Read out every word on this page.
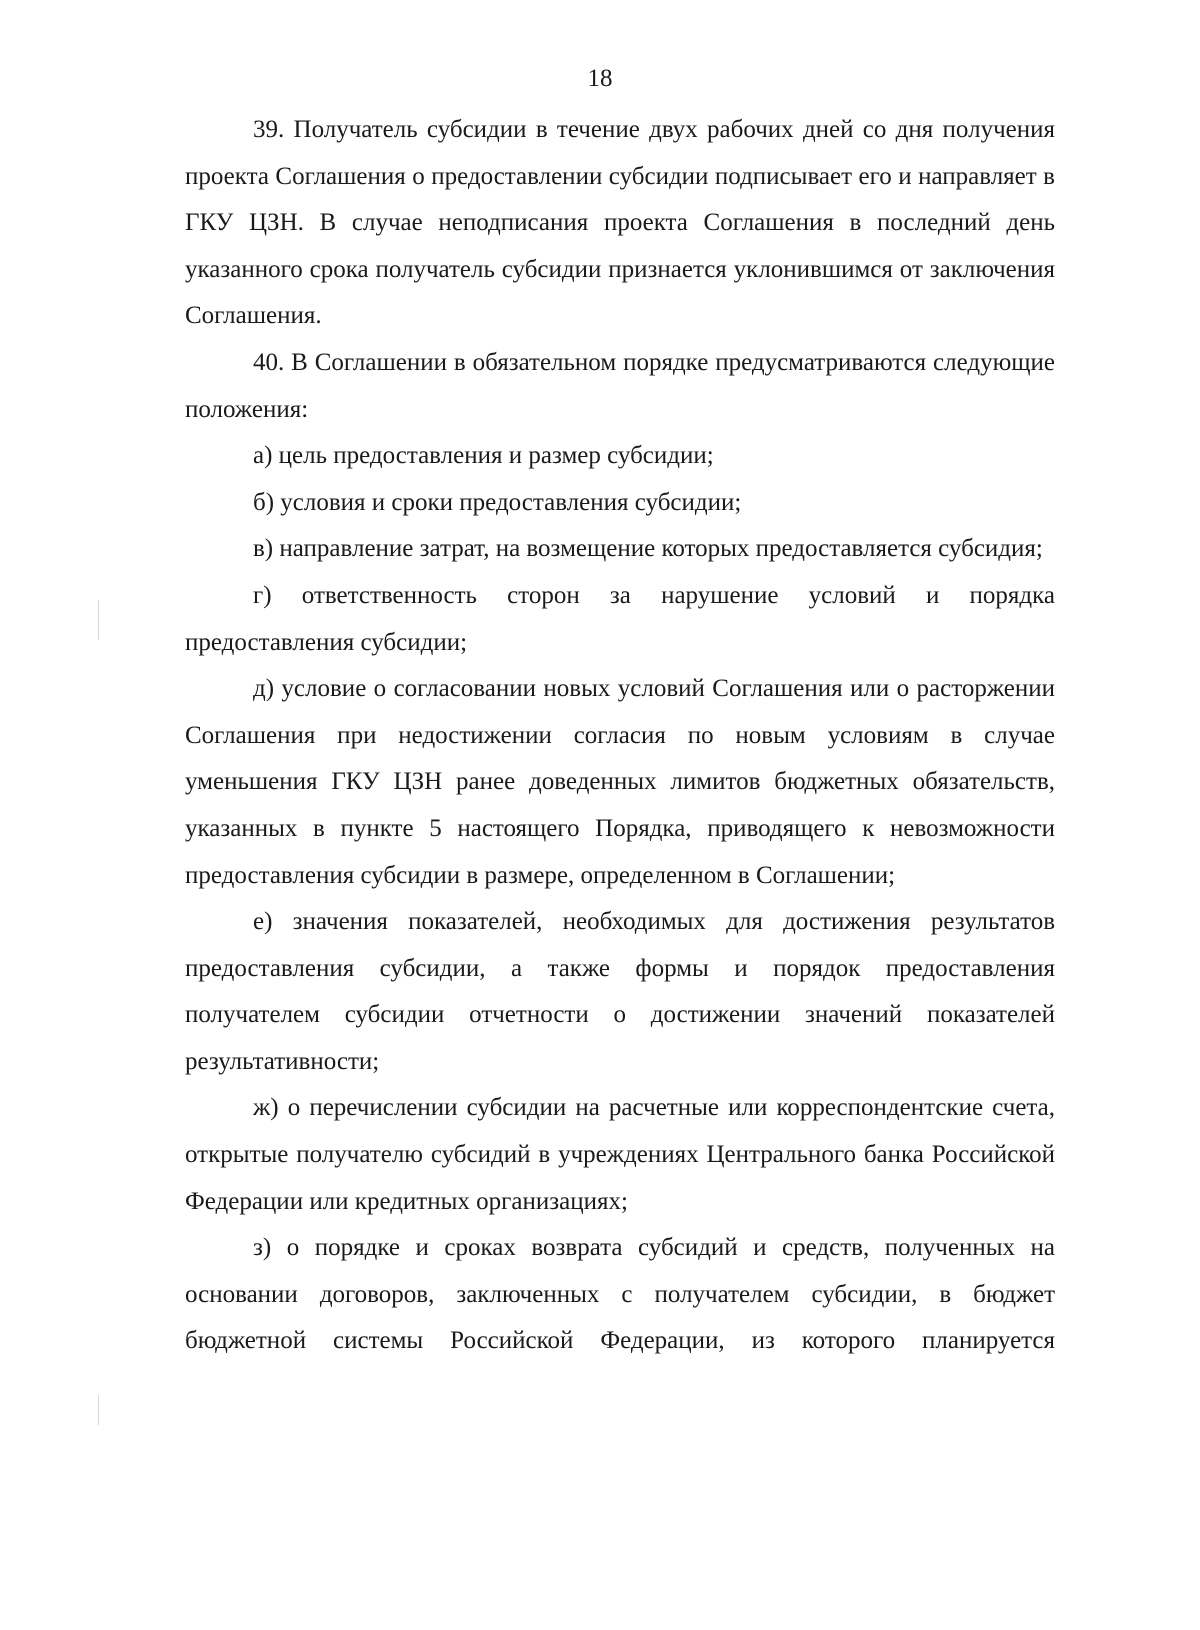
18

39. Получатель субсидии в течение двух рабочих дней со дня получения проекта Соглашения о предоставлении субсидии подписывает его и направляет в ГКУ ЦЗН. В случае неподписания проекта Соглашения в последний день указанного срока получатель субсидии признается уклонившимся от заключения Соглашения.

40. В Соглашении в обязательном порядке предусматриваются следующие положения:

а) цель предоставления и размер субсидии;

б) условия и сроки предоставления субсидии;

в) направление затрат, на возмещение которых предоставляется субсидия;

г) ответственность сторон за нарушение условий и порядка предоставления субсидии;

д) условие о согласовании новых условий Соглашения или о расторжении Соглашения при недостижении согласия по новым условиям в случае уменьшения ГКУ ЦЗН ранее доведенных лимитов бюджетных обязательств, указанных в пункте 5 настоящего Порядка, приводящего к невозможности предоставления субсидии в размере, определенном в Соглашении;

е) значения показателей, необходимых для достижения результатов предоставления субсидии, а также формы и порядок предоставления получателем субсидии отчетности о достижении значений показателей результативности;

ж) о перечислении субсидии на расчетные или корреспондентские счета, открытые получателю субсидий в учреждениях Центрального банка Российской Федерации или кредитных организациях;

з) о порядке и сроках возврата субсидий и средств, полученных на основании договоров, заключенных с получателем субсидии, в бюджет бюджетной системы Российской Федерации, из которого планируется
